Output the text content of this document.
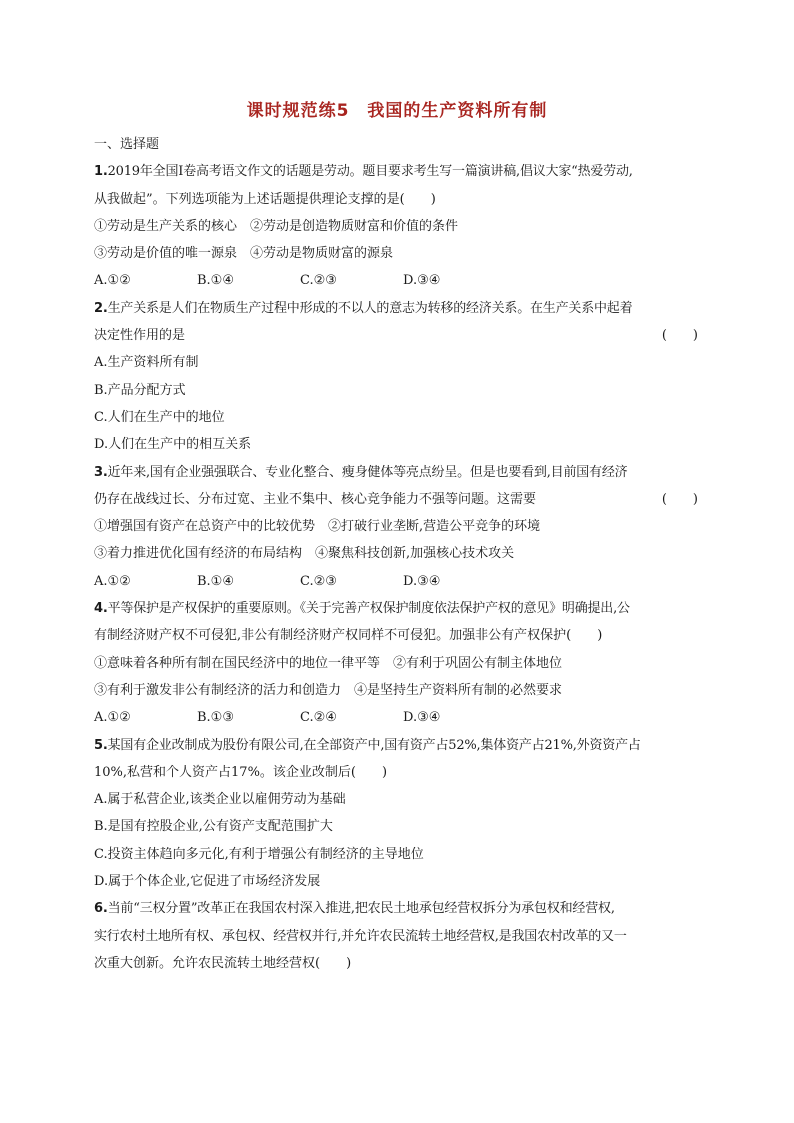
课时规范练5　我国的生产资料所有制
一、选择题
1.2019年全国Ⅰ卷高考语文作文的话题是劳动。题目要求考生写一篇演讲稿,倡议大家“热爱劳动,
从我做起”。下列选项能为上述话题提供理论支撑的是(　　)
①劳动是生产关系的核心　②劳动是创造物质财富和价值的条件
③劳动是价值的唯一源泉　④劳动是物质财富的源泉
A.①②	B.①④	C.②③	D.③④
2.生产关系是人们在物质生产过程中形成的不以人的意志为转移的经济关系。在生产关系中起着
决定性作用的是	(　　)
A.生产资料所有制
B.产品分配方式
C.人们在生产中的地位
D.人们在生产中的相互关系
3.近年来,国有企业强强联合、专业化整合、瘦身健体等亮点纷呈。但是也要看到,目前国有经济
仍存在战线过长、分布过宽、主业不集中、核心竞争能力不强等问题。这需要	(　　)
①增强国有资产在总资产中的比较优势　②打破行业垄断,营造公平竞争的环境
③着力推进优化国有经济的布局结构　④聚焦科技创新,加强核心技术攻关
A.①②	B.①④	C.②③	D.③④
4.平等保护是产权保护的重要原则。《关于完善产权保护制度依法保护产权的意见》明确提出,公
有制经济财产权不可侵犯,非公有制经济财产权同样不可侵犯。加强非公有产权保护(　　)
①意味着各种所有制在国民经济中的地位一律平等　②有利于巩固公有制主体地位
③有利于激发非公有制经济的活力和创造力　④是坚持生产资料所有制的必然要求
A.①②	B.①③	C.②④	D.③④
5.某国有企业改制成为股份有限公司,在全部资产中,国有资产占52%,集体资产占21%,外资资产占
10%,私营和个人资产占17%。该企业改制后(　　)
A.属于私营企业,该类企业以雇佣劳动为基础
B.是国有控股企业,公有资产支配范围扩大
C.投资主体趋向多元化,有利于增强公有制经济的主导地位
D.属于个体企业,它促进了市场经济发展
6.当前“三权分置”改革正在我国农村深入推进,把农民土地承包经营权拆分为承包权和经营权,
实行农村土地所有权、承包权、经营权并行,并允许农民流转土地经营权,是我国农村改革的又一
次重大创新。允许农民流转土地经营权(　　)
